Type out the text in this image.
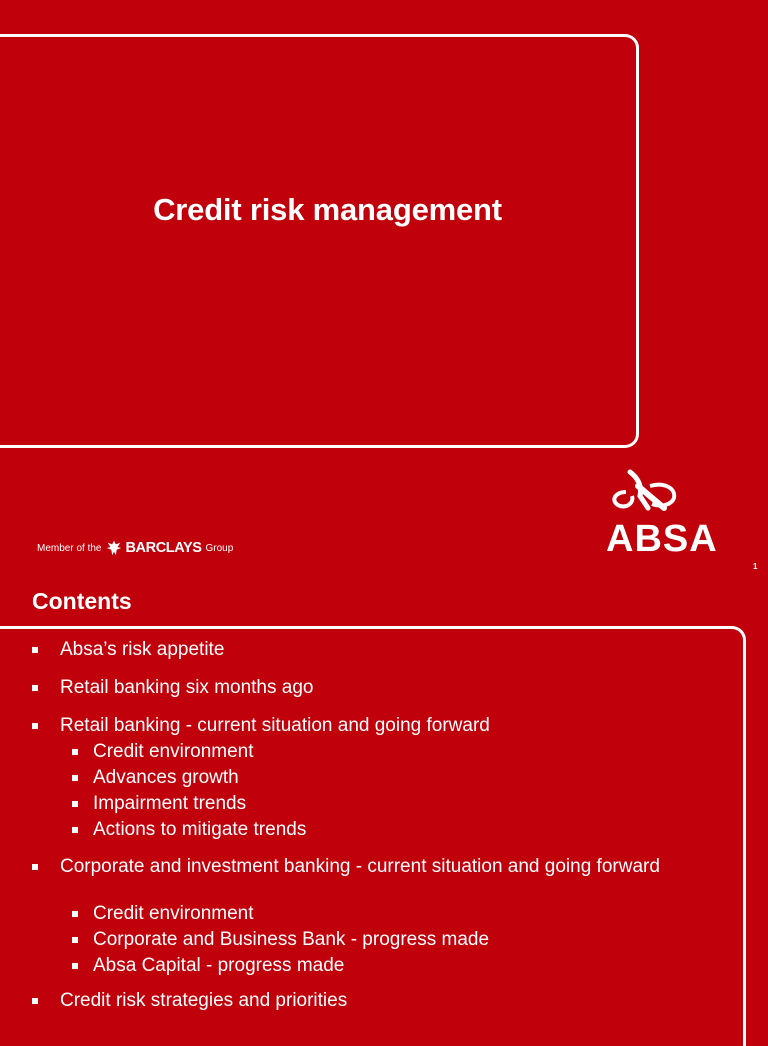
Credit risk management
Member of the BARCLAYS Group	ABSA
1
Contents
Absa’s risk appetite
Retail banking six months ago
Retail banking - current situation and going forward
Credit environment
Advances growth
Impairment trends
Actions to mitigate trends
Corporate and investment banking - current situation and going forward
Credit environment
Corporate and Business Bank - progress made
Absa Capital - progress made
Credit risk strategies and priorities
